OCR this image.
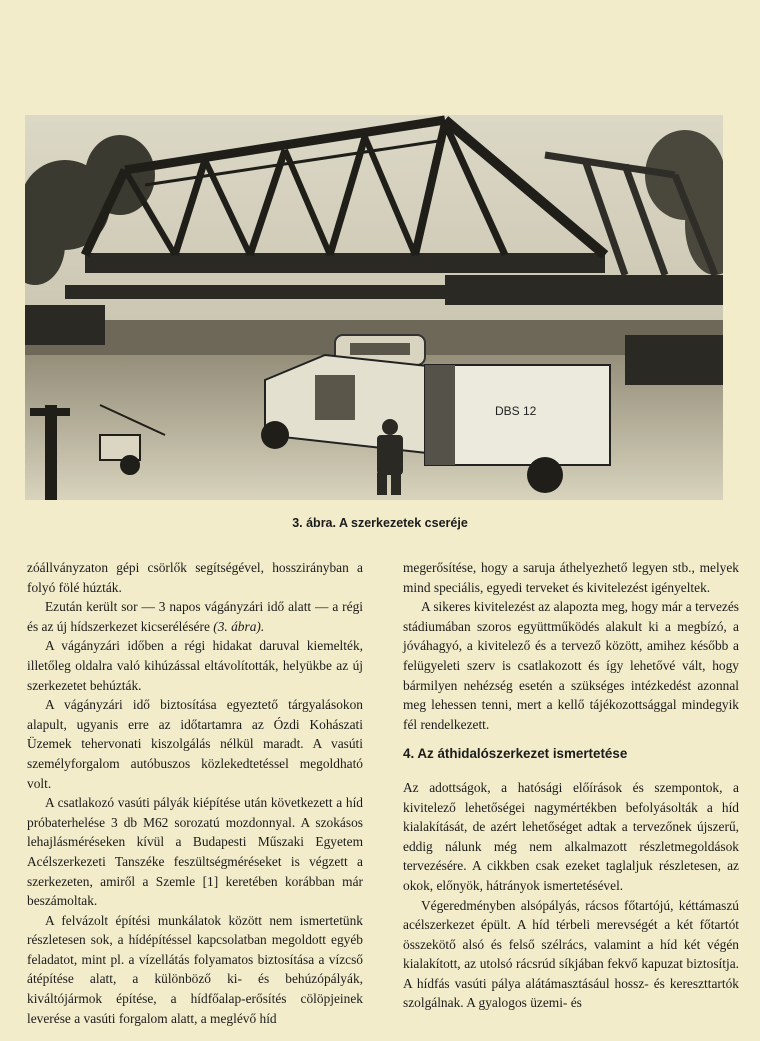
DBS 12
3. ábra. A szerkezetek cseréje

zóállványzaton gépi csörlők segítségével, hosszirányban a folyó fölé húzták.

Ezután került sor — 3 napos vágányzári idő alatt — a régi és az új hídszerkezet kicserélésére (3. ábra).

A vágányzári időben a régi hidakat daruval kiemelték, illetőleg oldalra való kihúzással eltávolították, helyükbe az új szerkezetet behúzták.

A vágányzári idő biztosítása egyeztető tárgyalásokon alapult, ugyanis erre az időtartamra az Ózdi Kohászati Üzemek tehervonati kiszolgálás nélkül maradt. A vasúti személyforgalom autóbuszos közlekedtetéssel megoldható volt.

A csatlakozó vasúti pályák kiépítése után következett a híd próbaterhelése 3 db M62 sorozatú mozdonnyal. A szokásos lehajlásméréseken kívül a Budapesti Műszaki Egyetem Acélszerkezeti Tanszéke feszültségméréseket is végzett a szerkezeten, amiről a Szemle [1] keretében korábban már beszámoltak.

A felvázolt építési munkálatok között nem ismertetünk részletesen sok, a hídépítéssel kapcsolatban megoldott egyéb feladatot, mint pl. a vízellátás folyamatos biztosítása a vízcső átépítése alatt, a különböző ki- és behúzópályák, kiváltójármok építése, a hídfőalap-erősítés cölöpjeinek leverése a vasúti forgalom alatt, a meglévő híd

megerősítése, hogy a saruja áthelyezhető legyen stb., melyek mind speciális, egyedi terveket és kivitelezést igényeltek.

A sikeres kivitelezést az alapozta meg, hogy már a tervezés stádiumában szoros együttműködés alakult ki a megbízó, a jóváhagyó, a kivitelező és a tervező között, amihez később a felügyeleti szerv is csatlakozott és így lehetővé vált, hogy bármilyen nehézség esetén a szükséges intézkedést azonnal meg lehessen tenni, mert a kellő tájékozottsággal mindegyik fél rendelkezett.

4. Az áthidalószerkezet ismertetése

Az adottságok, a hatósági előírások és szempontok, a kivitelező lehetőségei nagymértékben befolyásolták a híd kialakítását, de azért lehetőséget adtak a tervezőnek újszerű, eddig nálunk még nem alkalmazott részletmegoldások tervezésére. A cikkben csak ezeket taglaljuk részletesen, az okok, előnyök, hátrányok ismertetésével.

Végeredményben alsópályás, rácsos főtartójú, kéttámaszú acélszerkezet épült. A híd térbeli merevségét a két főtartót összekötő alsó és felső szélrács, valamint a híd két végén kialakított, az utolsó rácsrúd síkjában fekvő kapuzat biztosítja. A hídfás vasúti pálya alátámasztásául hossz- és kereszttartók szolgálnak. A gyalogos üzemi- és
